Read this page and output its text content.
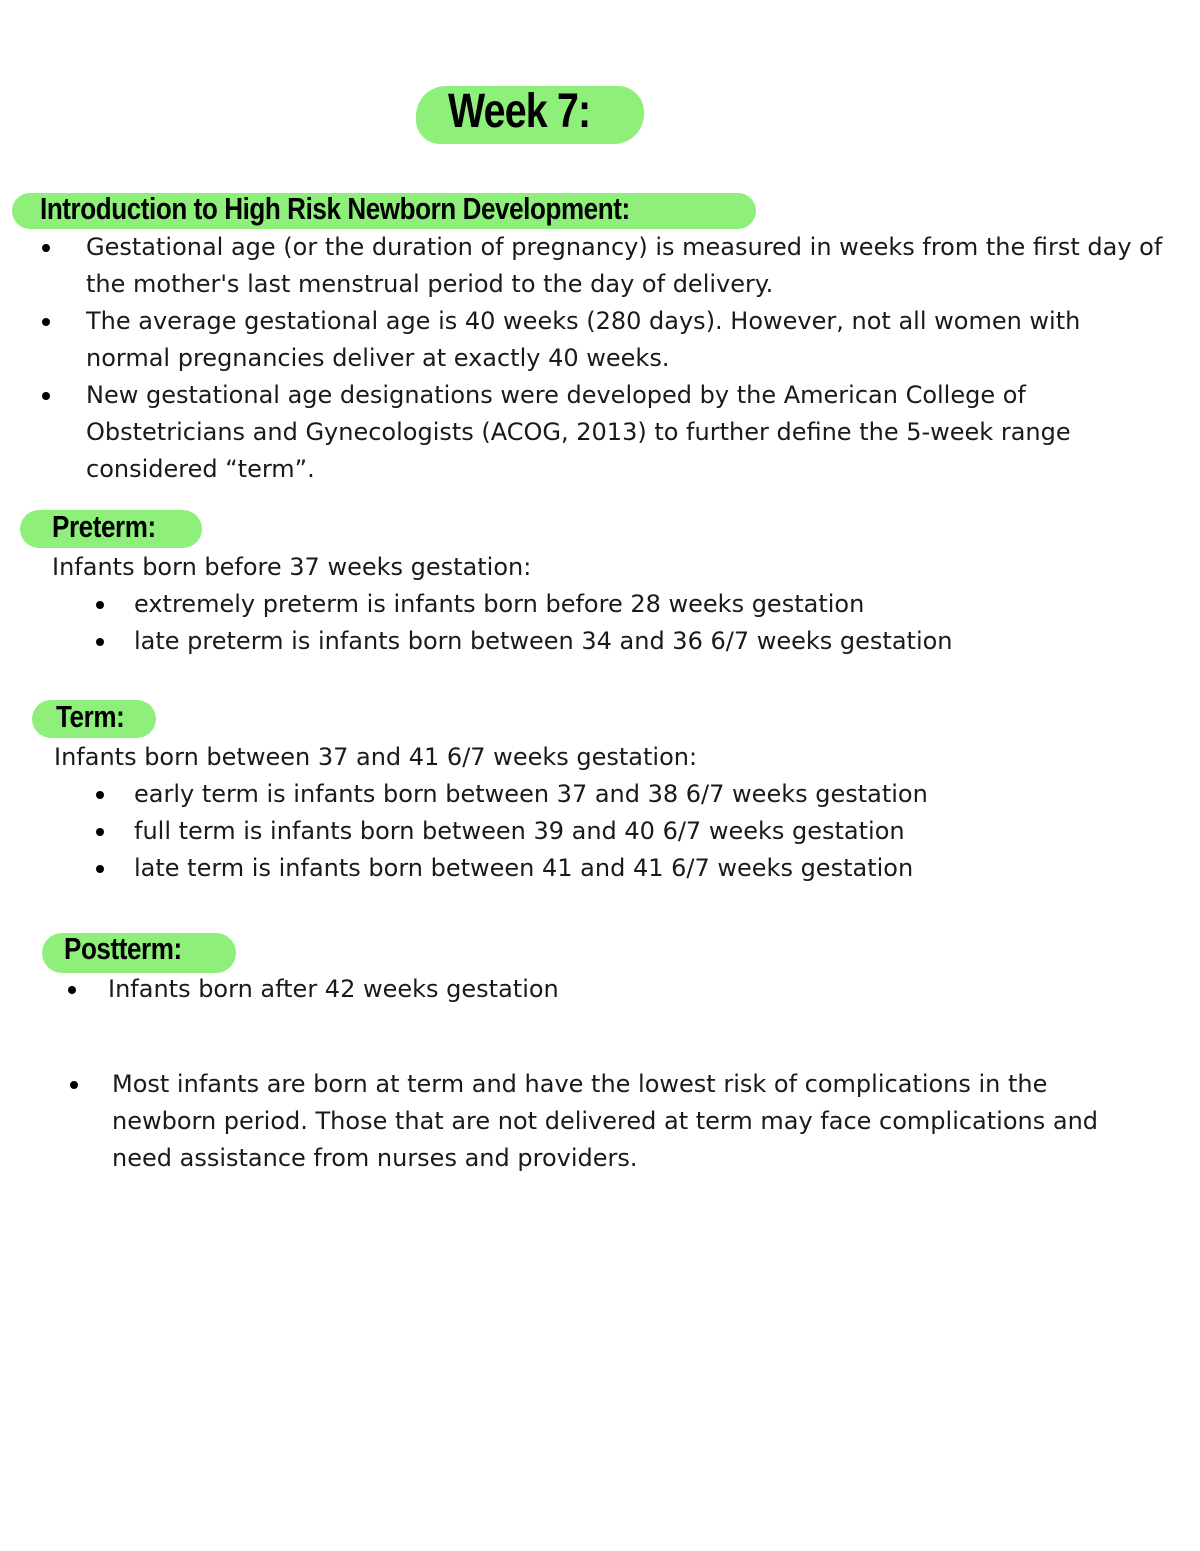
Week 7:
Introduction to High Risk Newborn Development:
Gestational age (or the duration of pregnancy) is measured in weeks from the first day of the mother's last menstrual period to the day of delivery.
The average gestational age is 40 weeks (280 days). However, not all women with normal pregnancies deliver at exactly 40 weeks.
New gestational age designations were developed by the American College of Obstetricians and Gynecologists (ACOG, 2013) to further define the 5-week range considered “term”.
Preterm:

Infants born before 37 weeks gestation:

extremely preterm is infants born before 28 weeks gestation
late preterm is infants born between 34 and 36 6/7 weeks gestation
Term:

Infants born between 37 and 41 6/7 weeks gestation:

early term is infants born between 37 and 38 6/7 weeks gestation
full term is infants born between 39 and 40 6/7 weeks gestation
late term is infants born between 41 and 41 6/7 weeks gestation
Postterm:
Infants born after 42 weeks gestation
Most infants are born at term and have the lowest risk of complications in the newborn period. Those that are not delivered at term may face complications and need assistance from nurses and providers.
